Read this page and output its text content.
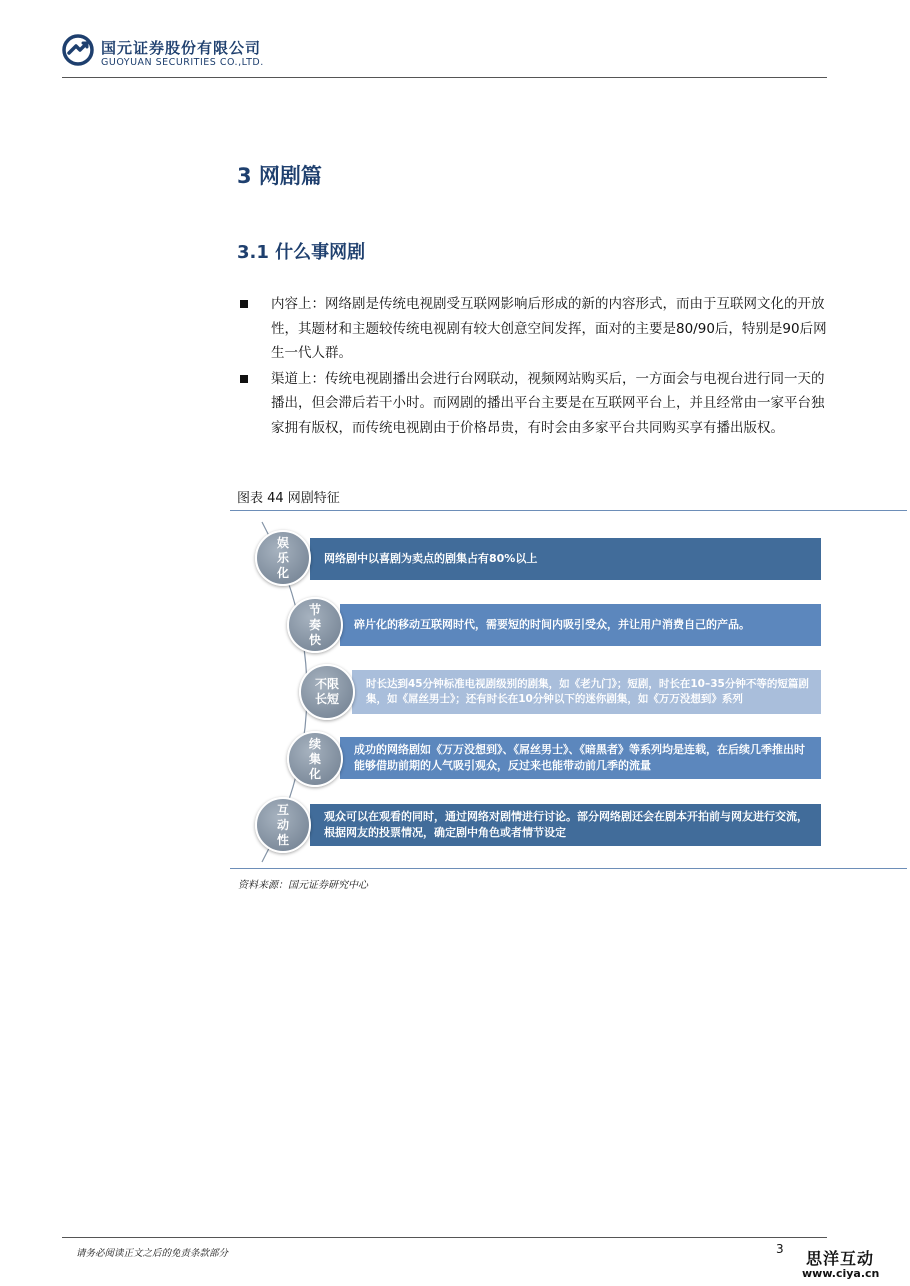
国元证券股份有限公司
GUOYUAN SECURITIES CO.,LTD.
3 网剧篇
3.1 什么事网剧
内容上：网络剧是传统电视剧受互联网影响后形成的新的内容形式，而由于互联网文化的开放性，其题材和主题较传统电视剧有较大创意空间发挥，面对的主要是80/90后，特别是90后网生一代人群。
渠道上：传统电视剧播出会进行台网联动，视频网站购买后，一方面会与电视台进行同一天的播出，但会滞后若干小时。而网剧的播出平台主要是在互联网平台上，并且经常由一家平台独家拥有版权，而传统电视剧由于价格昂贵，有时会由多家平台共同购买享有播出版权。
图表 44 网剧特征
网络剧中以喜剧为卖点的剧集占有80%以上
碎片化的移动互联网时代，需要短的时间内吸引受众，并让用户消费自己的产品。
时长达到45分钟标准电视剧级别的剧集，如《老九门》；短剧，时长在10–35分钟不等的短篇剧集，如《屌丝男士》；还有时长在10分钟以下的迷你剧集，如《万万没想到》系列
成功的网络剧如《万万没想到》、《屌丝男士》、《暗黑者》等系列均是连载，在后续几季推出时能够借助前期的人气吸引观众，反过来也能带动前几季的流量
观众可以在观看的同时，通过网络对剧情进行讨论。部分网络剧还会在剧本开拍前与网友进行交流，根据网友的投票情况，确定剧中角色或者情节设定
娱乐化
节奏快
不限长短
续集化
互动性
资料来源：国元证券研究中心
请务必阅读正文之后的免责条款部分	3 思洋互动
www.ciya.cn
